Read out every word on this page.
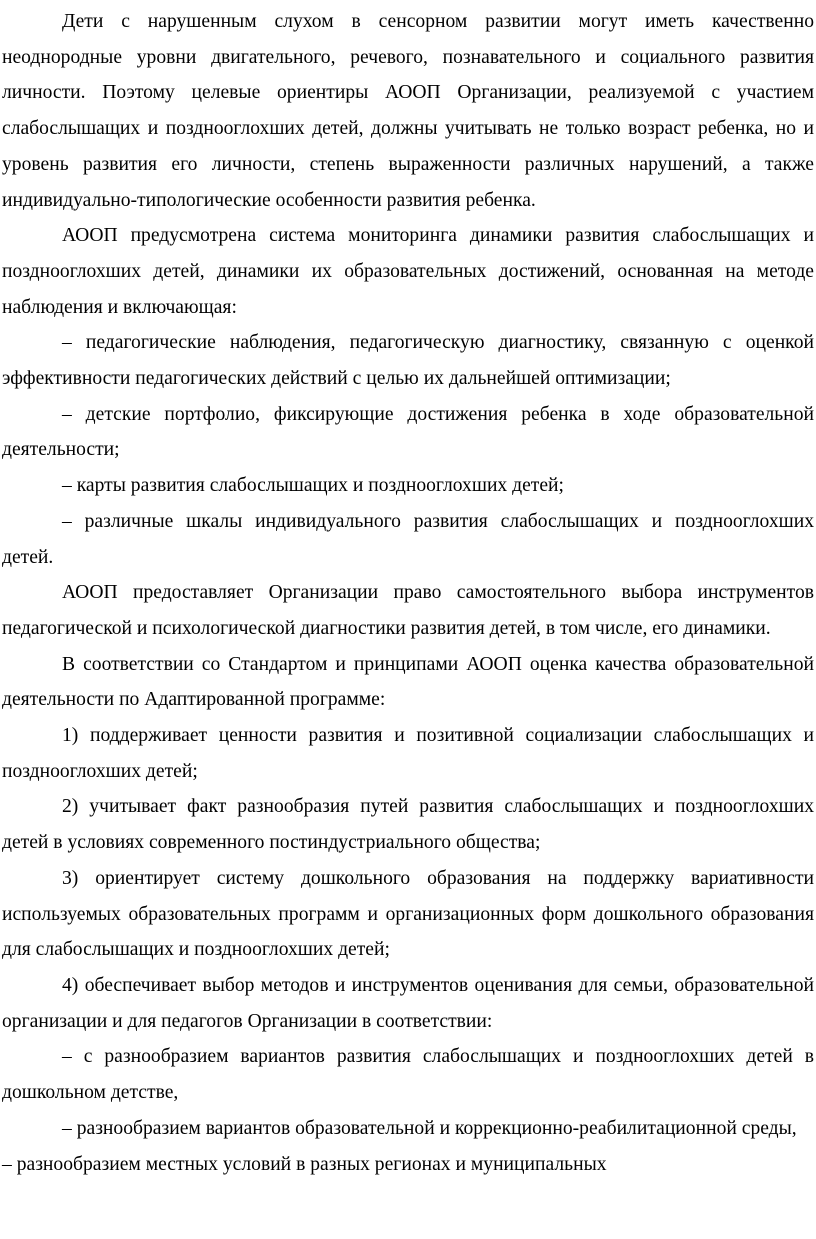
Дети с нарушенным слухом в сенсорном развитии могут иметь качественно неоднородные уровни двигательного, речевого, познавательного и социального развития личности. Поэтому целевые ориентиры АООП Организации, реализуемой с участием слабослышащих и позднооглохших детей, должны учитывать не только возраст ребенка, но и уровень развития его личности, степень выраженности различных нарушений, а также индивидуально-типологические особенности развития ребенка.

АООП предусмотрена система мониторинга динамики развития слабослышащих и позднооглохших детей, динамики их образовательных достижений, основанная на методе наблюдения и включающая:

– педагогические наблюдения, педагогическую диагностику, связанную с оценкой эффективности педагогических действий с целью их дальнейшей оптимизации;

– детские портфолио, фиксирующие достижения ребенка в ходе образовательной деятельности;

– карты развития слабослышащих и позднооглохших детей;

– различные шкалы индивидуального развития слабослышащих и позднооглохших детей.

АООП предоставляет Организации право самостоятельного выбора инструментов педагогической и психологической диагностики развития детей, в том числе, его динамики.

В соответствии со Стандартом и принципами АООП оценка качества образовательной деятельности по Адаптированной программе:

1) поддерживает ценности развития и позитивной социализации слабослышащих и позднооглохших детей;

2) учитывает факт разнообразия путей развития слабослышащих и позднооглохших детей в условиях современного постиндустриального общества;

3) ориентирует систему дошкольного образования на поддержку вариативности используемых образовательных программ и организационных форм дошкольного образования для слабослышащих и позднооглохших детей;

4) обеспечивает выбор методов и инструментов оценивания для семьи, образовательной организации и для педагогов Организации в соответствии:

– с разнообразием вариантов развития слабослышащих и позднооглохших детей в дошкольном детстве,

– разнообразием вариантов образовательной и коррекционно-реабилитационной среды,

– разнообразием местных условий в разных регионах и муниципальных
